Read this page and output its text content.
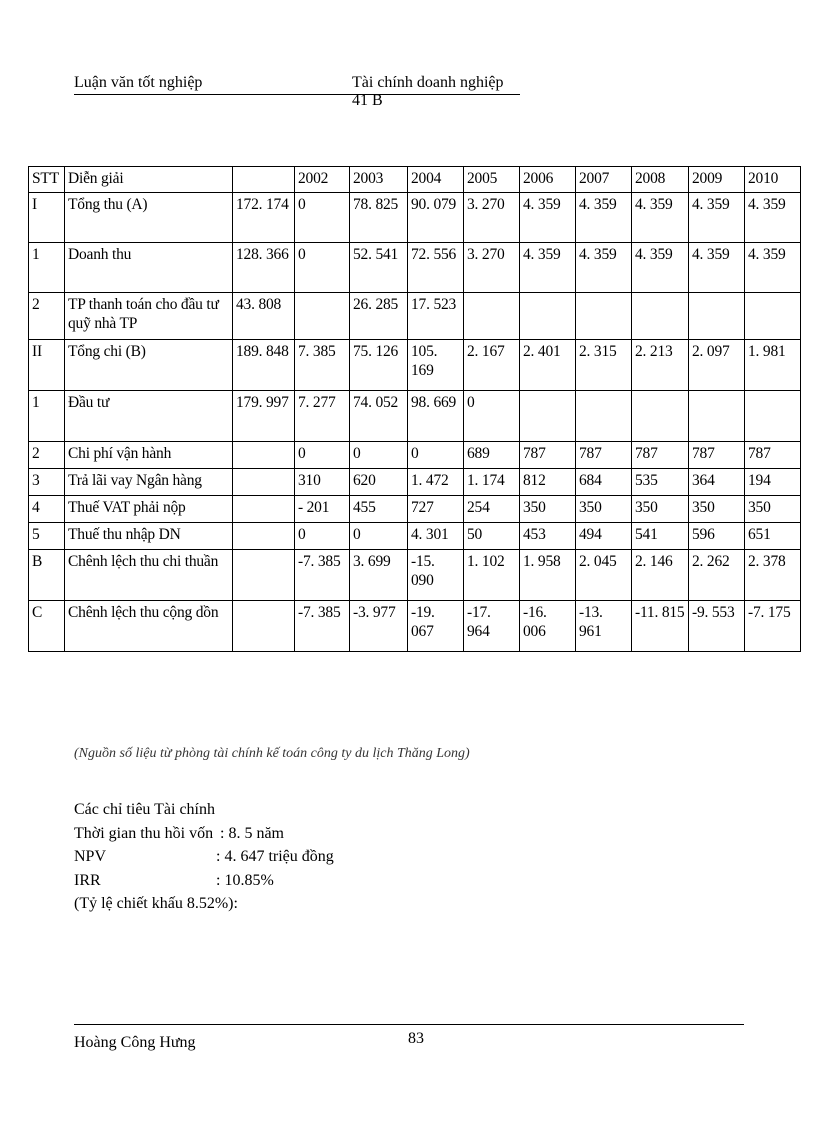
Luận văn tốt nghiệp	Tài chính doanh nghiệp 41 B
STT	Diễn giải		2002	2003	2004	2005	2006	2007	2008	2009	2010
I	Tổng thu (A)	172. 174	0	78. 825	90. 079	3. 270	4. 359	4. 359	4. 359	4. 359	4. 359
1	Doanh thu	128. 366	0	52. 541	72. 556	3. 270	4. 359	4. 359	4. 359	4. 359	4. 359
2	TP thanh toán cho đầu tư quỹ nhà TP	43. 808		26. 285	17. 523						
II	Tổng chi (B)	189. 848	7. 385	75. 126	105. 169	2. 167	2. 401	2. 315	2. 213	2. 097	1. 981
1	Đầu tư	179. 997	7. 277	74. 052	98. 669	0					
2	Chi phí vận hành		0	0	0	689	787	787	787	787	787
3	Trả lãi vay Ngân hàng		310	620	1. 472	1. 174	812	684	535	364	194
4	Thuế VAT phải nộp		- 201	455	727	254	350	350	350	350	350
5	Thuế thu nhập DN		0	0	4. 301	50	453	494	541	596	651
B	Chênh lệch thu chi thuần		-7. 385	3. 699	-15. 090	1. 102	1. 958	2. 045	2. 146	2. 262	2. 378
C	Chênh lệch thu cộng dồn		-7. 385	-3. 977	-19. 067	-17. 964	-16. 006	-13. 961	-11. 815	-9. 553	-7. 175
(Nguồn số liệu từ phòng tài chính kế toán công ty du lịch Thăng Long)
Các chỉ tiêu Tài chính
Thời gian thu hồi vốn : 8. 5 năm
NPV	: 4. 647 triệu đồng
IRR	: 10.85%
(Tỷ lệ chiết khấu 8.52%):
Hoàng Công Hưng	83
